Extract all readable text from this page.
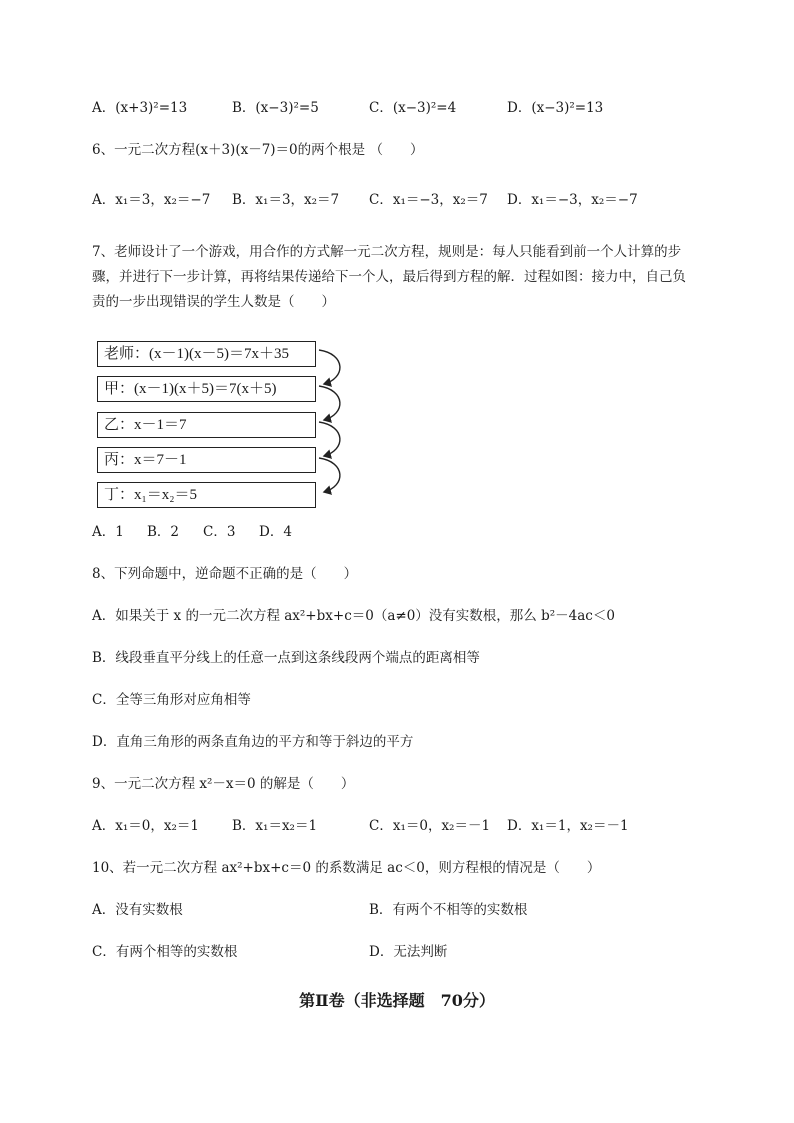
A．(x+3)²=13	B．(x−3)²=5	C．(x−3)²=4	D．(x−3)²=13
6、一元二次方程(x＋3)(x－7)＝0的两个根是 （　　）
A．x₁＝3，x₂＝−7 B．x₁＝3，x₂＝7 C．x₁＝−3，x₂＝7 D．x₁＝−3，x₂＝−7
7、老师设计了一个游戏，用合作的方式解一元二次方程，规则是：每人只能看到前一个人计算的步
骤，并进行下一步计算，再将结果传递给下一个人，最后得到方程的解．过程如图：接力中，自己负
责的一步出现错误的学生人数是（　　）
老师：(x－1)(x－5)＝7x＋35
甲：(x－1)(x＋5)＝7(x＋5)
乙：x－1＝7
丙：x＝7－1
丁：x₁＝x₂＝5
A．1 B．2 C．3 D．4
8、下列命题中，逆命题不正确的是（　　）
A．如果关于 x 的一元二次方程 ax²+bx+c＝0（a≠0）没有实数根，那么 b²－4ac＜0
B．线段垂直平分线上的任意一点到这条线段两个端点的距离相等
C．全等三角形对应角相等
D．直角三角形的两条直角边的平方和等于斜边的平方
9、一元二次方程 x²－x＝0 的解是（　　）
A．x₁＝0，x₂＝1 B．x₁＝x₂＝1	C．x₁＝0，x₂＝－1 D．x₁＝1，x₂＝－1
10、若一元二次方程 ax²+bx+c＝0 的系数满足 ac＜0，则方程根的情况是（　　）
A．没有实数根	B．有两个不相等的实数根
C．有两个相等的实数根	D．无法判断
第Ⅱ卷（非选择题　70分）
